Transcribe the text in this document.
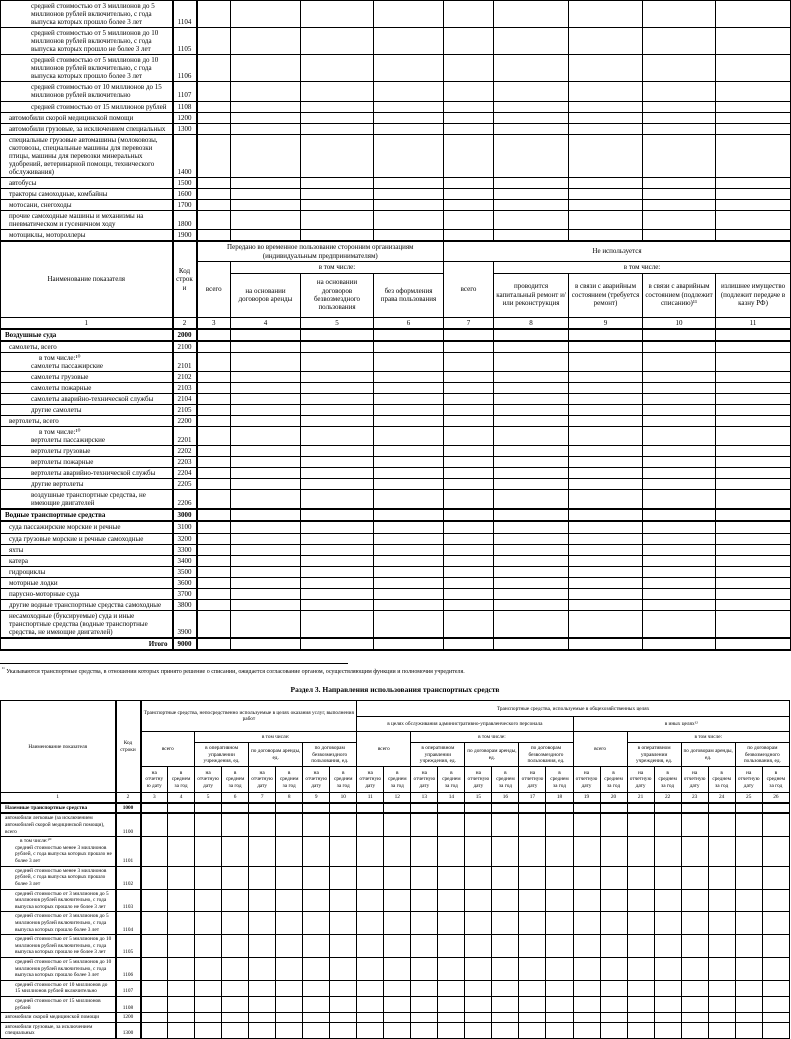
средней стоимостью от 3 миллионов до 5 миллионов рублей включительно, с года выпуска которых прошло более 3 лет	1104									
средней стоимостью от 5 миллионов до 10 миллионов рублей включительно, с года выпуска которых прошло не более 3 лет	1105									
средней стоимостью от 5 миллионов до 10 миллионов рублей включительно, с года выпуска которых прошло более 3 лет	1106									
средней стоимостью от 10 миллионов до 15 миллионов рублей включительно	1107									
средней стоимостью от 15 миллионов рублей	1108									
автомобили скорой медицинской помощи	1200									
автомобили грузовые, за исключением специальных	1300									
специальные грузовые автомашины (молоковозы, скотовозы, специальные машины для перевозки птицы, машины для перевозки минеральных удобрений, ветеринарной помощи, технического обслуживания)	1400									
автобусы	1500									
тракторы самоходные, комбайны	1600									
мотосани, снегоходы	1700									
прочие самоходные машины и механизмы на пневматическом и гусеничном ходу	1800									
мотоциклы, мотороллеры	1900									
Наименование показателя	Код строки	Передано во временное пользование сторонним организациям (индивидуальным предпринимателям)				Не используется				
		всего	в том числе:			всего	в том числе:			
			на основании договоров аренды	на основании договоров безвозмездного пользования	без оформления права пользования		проводится капитальный ремонт и/или реконструкция	в связи с аварийным состоянием (требуется ремонт)	в связи с аварийным состоянием (подлежит списанию)¹¹	излишнее имущество (подлежит передаче в казну РФ)
1	2	3	4	5	6	7	8	9	10	11
Воздушные суда	2000									
самолеты, всего	2100									

в том числе:¹⁰
самолеты пассажирские	2101									
самолеты грузовые	2102									
самолеты пожарные	2103									
самолеты аварийно-технической службы	2104									
другие самолеты	2105									
вертолеты, всего	2200									

в том числе:¹⁰
вертолеты пассажирские	2201									
вертолеты грузовые	2202									
вертолеты пожарные	2203									
вертолеты аварийно-технической службы	2204									
другие вертолеты	2205									
воздушные транспортные средства, не имеющие двигателей	2206									
Водные транспортные средства	3000									
суда пассажирские морские и речные	3100									
суда грузовые морские и речные самоходные	3200									
яхты	3300									
катера	3400									
гидроциклы	3500									
моторные лодки	3600									
парусно-моторные суда	3700									
другие водные транспортные средства самоходные	3800									
несамоходные (буксируемые) суда и иные транспортные средства (водные транспортные средства, не имеющие двигателей)	3900									
Итого	9000									
$^{^{11}}$ Указываются транспортные средства, в отношении которых принято решение о списании, ожидается согласование органом, осуществляющим функции и полномочия учредителя.
Раздел 3. Направления использования транспортных средств
Наименование показателя	Код строки	Транспортные средства, непосредственно используемые в целях оказания услуг, выполнения работ								Транспортные средства, используемые в общехозяйственных целях															
										в целях обслуживания административно-управленческого персонала								в иных целях¹²							
		всего		в том числе:						всего		в том числе:						всего		в том числе:					
				в оперативном управлении учреждения, ед.		по договорам аренды, ед.		по договорам безвозмездного пользования, ед.				в оперативном управлении учреждения, ед.		по договорам аренды, ед.		по договорам безвозмездного пользования, ед.				в оперативном управлении учреждения, ед.		по договорам аренды, ед.		по договорам безвозмездного пользования, ед.	
		на отчетную дату	в среднем за год	на отчетную дату	в среднем за год	на отчетную дату	в среднем за год	на отчетную дату	в среднем за год	на отчетную дату	в среднем за год	на отчетную дату	в среднем за год	на отчетную дату	в среднем за год	на отчетную дату	в среднем за год	на отчетную дату	в среднем за год	на отчетную дату	в среднем за год	на отчетную дату	в среднем за год	на отчетную дату	в среднем за год
1	2	3	4	5	6	7	8	9	10	11	12	13	14	15	16	17	18	19	20	21	22	23	24	25	26
Наземные транспортные средства	1000																								
автомобили легковые (за исключением автомобилей скорой медицинской помощи), всего	1100																								

в том числе:¹⁰
средней стоимостью менее 3 миллионов рублей, с года выпуска которых прошло не более 3 лет	1101																								
средней стоимостью менее 3 миллионов рублей, с года выпуска которых прошло более 3 лет	1102																								
средней стоимостью от 3 миллионов до 5 миллионов рублей включительно, с года выпуска которых прошло не более 3 лет	1103																								
средней стоимостью от 3 миллионов до 5 миллионов рублей включительно, с года выпуска которых прошло более 3 лет	1104																								
средней стоимостью от 5 миллионов до 10 миллионов рублей включительно, с года выпуска которых прошло не более 3 лет	1105																								
средней стоимостью от 5 миллионов до 10 миллионов рублей включительно, с года выпуска которых прошло более 3 лет	1106																								
средней стоимостью от 10 миллионов до 15 миллионов рублей включительно	1107																								
средней стоимостью от 15 миллионов рублей	1108																								
автомобили скорой медицинской помощи	1200																								
автомобили грузовые, за исключением специальных	1300																								
